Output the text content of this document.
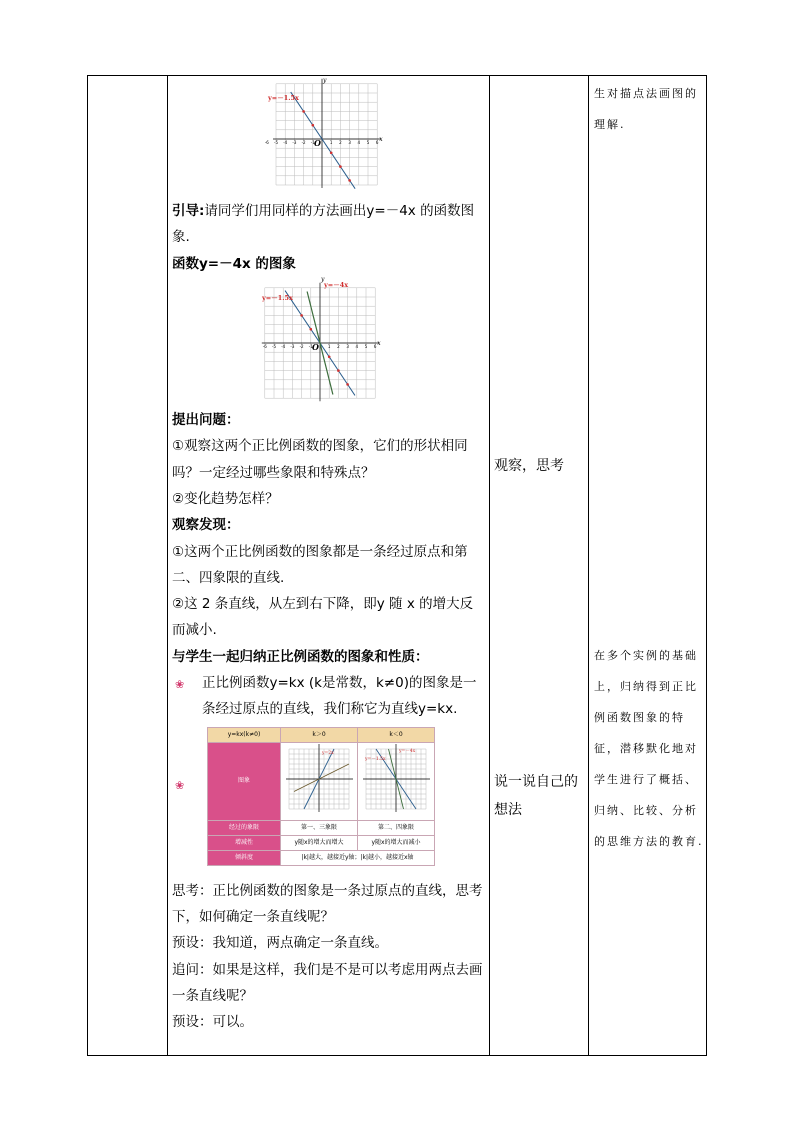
-6 -5 -4 -3 -2 -1	1 2 3 4 5 6
y=－1.5x
x
y
O

引导:请同学们用同样的方法画出y=－4x 的函数图象.

函数y=－4x 的图象

-6 -5 -4 -3 -2 -1	1 2 3 4 5 6
y=－1.5x
y=－4x
x
y
O

提出问题：

①观察这两个正比例函数的图象，它们的形状相同吗？一定经过哪些象限和特殊点？

②变化趋势怎样？

观察发现：

①这两个正比例函数的图象都是一条经过原点和第二、四象限的直线.

②这 2 条直线，从左到右下降，即y 随 x 的增大反而减小.

与学生一起归纳正比例函数的图象和性质：

❀ 正比例函数y=kx (k是常数，k≠0)的图象是一条经过原点的直线，我们称它为直线y=kx.

❀
y=kx(k≠0)	k＞0	k＜0
图象	y=2x	y=－1.5x
y=－4x

经过的象限	第一、三象限	第二、四象限
增减性	y随x的增大而增大	y随x的增大而减小
倾斜度	|k|越大，越接近y轴；|k|越小，越接近x轴	

思考：正比例函数的图象是一条过原点的直线，思考下，如何确定一条直线呢？

预设：我知道，两点确定一条直线。

追问：如果是这样，我们是不是可以考虑用两点去画一条直线呢？

预设：可以。

观察，思考
说一说自己的想法
生对描点法画图的理解.
在多个实例的基础上，归纳得到正比例函数图象的特征，潜移默化地对学生进行了概括、归纳、比较、分析的思维方法的教育.
